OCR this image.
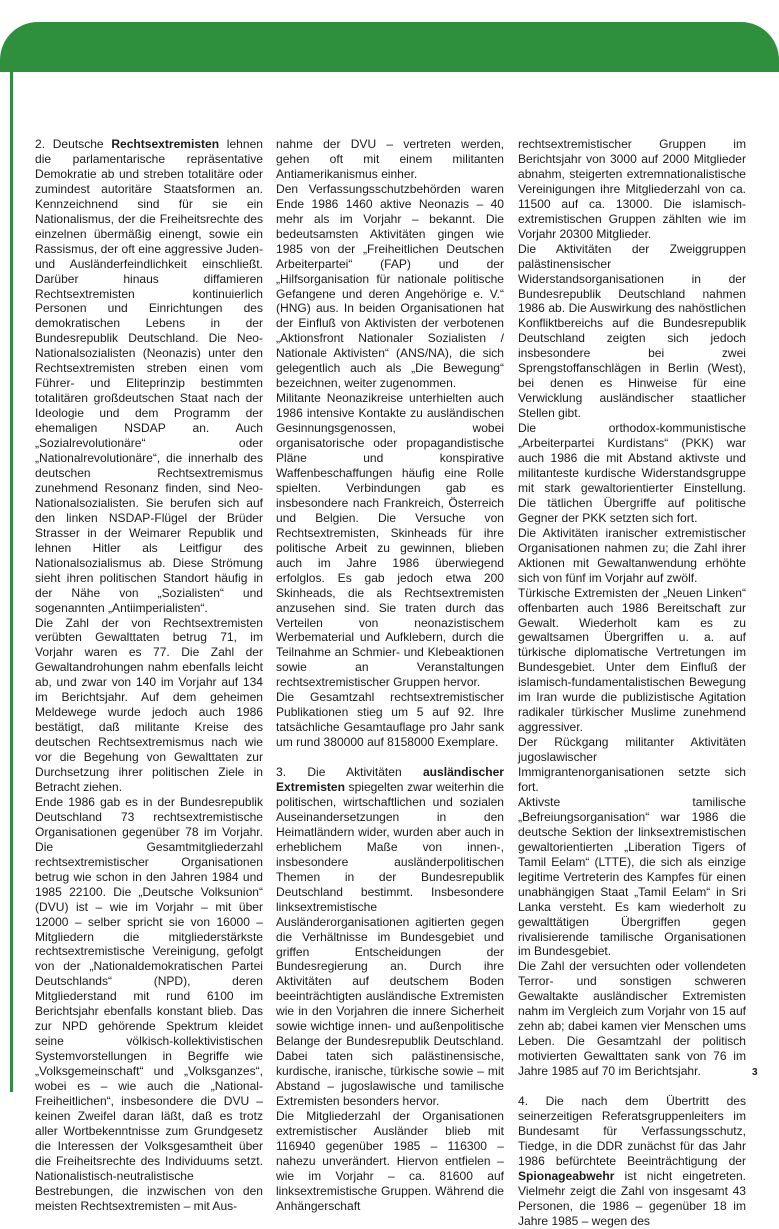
2. Deutsche Rechtsextremisten lehnen die parlamentarische repräsentative Demokratie ab und streben totalitäre oder zumindest autoritäre Staatsformen an. Kennzeichnend sind für sie ein Nationalismus, der die Freiheitsrechte des einzelnen übermäßig einengt, sowie ein Rassismus, der oft eine aggressive Juden- und Ausländerfeindlichkeit einschließt. Darüber hinaus diffamieren Rechtsextremisten kontinuierlich Personen und Einrichtungen des demokratischen Lebens in der Bundesrepublik Deutschland. Die Neo-Nationalsozialisten (Neonazis) unter den Rechtsextremisten streben einen vom Führer- und Eliteprinzip bestimmten totalitären großdeutschen Staat nach der Ideologie und dem Programm der ehemaligen NSDAP an. Auch „Sozialrevolutionäre“ oder „Nationalrevolutionäre“, die innerhalb des deutschen Rechtsextremismus zunehmend Resonanz finden, sind Neo-Nationalsozialisten. Sie berufen sich auf den linken NSDAP-Flügel der Brüder Strasser in der Weimarer Republik und lehnen Hitler als Leitfigur des Nationalsozialismus ab. Diese Strömung sieht ihren politischen Standort häufig in der Nähe von „Sozialisten“ und sogenannten „Antiimperialisten“.

Die Zahl der von Rechtsextremisten verübten Gewalttaten betrug 71, im Vorjahr waren es 77. Die Zahl der Gewaltandrohungen nahm ebenfalls leicht ab, und zwar von 140 im Vorjahr auf 134 im Berichtsjahr. Auf dem geheimen Meldewege wurde jedoch auch 1986 bestätigt, daß militante Kreise des deutschen Rechtsextremismus nach wie vor die Begehung von Gewalttaten zur Durchsetzung ihrer politischen Ziele in Betracht ziehen.

Ende 1986 gab es in der Bundesrepublik Deutschland 73 rechtsextremistische Organisationen gegenüber 78 im Vorjahr. Die Gesamtmitgliederzahl rechtsextremistischer Organisationen betrug wie schon in den Jahren 1984 und 1985 22100. Die „Deutsche Volksunion“ (DVU) ist – wie im Vorjahr – mit über 12000 – selber spricht sie von 16000 – Mitgliedern die mitgliederstärkste rechtsextremistische Vereinigung, gefolgt von der „Nationaldemokratischen Partei Deutschlands“ (NPD), deren Mitgliederstand mit rund 6100 im Berichtsjahr ebenfalls konstant blieb. Das zur NPD gehörende Spektrum kleidet seine völkisch-kollektivistischen Systemvorstellungen in Begriffe wie „Volksgemeinschaft“ und „Volksganzes“, wobei es – wie auch die „National-Freiheitlichen“, insbesondere die DVU – keinen Zweifel daran läßt, daß es trotz aller Wortbekenntnisse zum Grundgesetz die Interessen der Volksgesamtheit über die Freiheitsrechte des Individuums setzt. Nationalistisch-neutralistische Bestrebungen, die inzwischen von den meisten Rechtsextremisten – mit Aus-

nahme der DVU – vertreten werden, gehen oft mit einem militanten Antiamerikanismus einher.

Den Verfassungsschutzbehörden waren Ende 1986 1460 aktive Neonazis – 40 mehr als im Vorjahr – bekannt. Die bedeutsamsten Aktivitäten gingen wie 1985 von der „Freiheitlichen Deutschen Arbeiterpartei“ (FAP) und der „Hilfsorganisation für nationale politische Gefangene und deren Angehörige e. V.“ (HNG) aus. In beiden Organisationen hat der Einfluß von Aktivisten der verbotenen „Aktionsfront Nationaler Sozialisten / Nationale Aktivisten“ (ANS/NA), die sich gelegentlich auch als „Die Bewegung“ bezeichnen, weiter zugenommen.

Militante Neonazikreise unterhielten auch 1986 intensive Kontakte zu ausländischen Gesinnungsgenossen, wobei organisatorische oder propagandistische Pläne und konspirative Waffenbeschaffungen häufig eine Rolle spielten. Verbindungen gab es insbesondere nach Frankreich, Österreich und Belgien. Die Versuche von Rechtsextremisten, Skinheads für ihre politische Arbeit zu gewinnen, blieben auch im Jahre 1986 überwiegend erfolglos. Es gab jedoch etwa 200 Skinheads, die als Rechtsextremisten anzusehen sind. Sie traten durch das Verteilen von neonazistischem Werbematerial und Aufklebern, durch die Teilnahme an Schmier- und Klebeaktionen sowie an Veranstaltungen rechtsextremistischer Gruppen hervor.

Die Gesamtzahl rechtsextremistischer Publikationen stieg um 5 auf 92. Ihre tatsächliche Gesamtauflage pro Jahr sank um rund 380000 auf 8158000 Exemplare.

3. Die Aktivitäten ausländischer Extremisten spiegelten zwar weiterhin die politischen, wirtschaftlichen und sozialen Auseinandersetzungen in den Heimatländern wider, wurden aber auch in erheblichem Maße von innen-, insbesondere ausländerpolitischen Themen in der Bundesrepublik Deutschland bestimmt. Insbesondere linksextremistische Ausländerorganisationen agitierten gegen die Verhältnisse im Bundesgebiet und griffen Entscheidungen der Bundesregierung an. Durch ihre Aktivitäten auf deutschem Boden beeinträchtigten ausländische Extremisten wie in den Vorjahren die innere Sicherheit sowie wichtige innen- und außenpolitische Belange der Bundesrepublik Deutschland. Dabei taten sich palästinensische, kurdische, iranische, türkische sowie – mit Abstand – jugoslawische und tamilische Extremisten besonders hervor.

Die Mitgliederzahl der Organisationen extremistischer Ausländer blieb mit 116940 gegenüber 1985 – 116300 – nahezu unverändert. Hiervon entfielen – wie im Vorjahr – ca. 81600 auf linksextremistische Gruppen. Während die Anhängerschaft

rechtsextremistischer Gruppen im Berichtsjahr von 3000 auf 2000 Mitglieder abnahm, steigerten extremnationalistische Vereinigungen ihre Mitgliederzahl von ca. 11500 auf ca. 13000. Die islamisch-extremistischen Gruppen zählten wie im Vorjahr 20300 Mitglieder.

Die Aktivitäten der Zweiggruppen palästinensischer Widerstandsorganisationen in der Bundesrepublik Deutschland nahmen 1986 ab. Die Auswirkung des nahöstlichen Konfliktbereichs auf die Bundesrepublik Deutschland zeigten sich jedoch insbesondere bei zwei Sprengstoffanschlägen in Berlin (West), bei denen es Hinweise für eine Verwicklung ausländischer staatlicher Stellen gibt.

Die orthodox-kommunistische „Arbeiterpartei Kurdistans“ (PKK) war auch 1986 die mit Abstand aktivste und militanteste kurdische Widerstandsgruppe mit stark gewaltorientierter Einstellung. Die tätlichen Übergriffe auf politische Gegner der PKK setzten sich fort.

Die Aktivitäten iranischer extremistischer Organisationen nahmen zu; die Zahl ihrer Aktionen mit Gewaltanwendung erhöhte sich von fünf im Vorjahr auf zwölf.

Türkische Extremisten der „Neuen Linken“ offenbarten auch 1986 Bereitschaft zur Gewalt. Wiederholt kam es zu gewaltsamen Übergriffen u. a. auf türkische diplomatische Vertretungen im Bundesgebiet. Unter dem Einfluß der islamisch-fundamentalistischen Bewegung im Iran wurde die publizistische Agitation radikaler türkischer Muslime zunehmend aggressiver.

Der Rückgang militanter Aktivitäten jugoslawischer Immigrantenorganisationen setzte sich fort.

Aktivste tamilische „Befreiungsorganisation“ war 1986 die deutsche Sektion der linksextremistischen gewaltorientierten „Liberation Tigers of Tamil Eelam“ (LTTE), die sich als einzige legitime Vertreterin des Kampfes für einen unabhängigen Staat „Tamil Eelam“ in Sri Lanka versteht. Es kam wiederholt zu gewalttätigen Übergriffen gegen rivalisierende tamilische Organisationen im Bundesgebiet.

Die Zahl der versuchten oder vollendeten Terror- und sonstigen schweren Gewaltakte ausländischer Extremisten nahm im Vergleich zum Vorjahr von 15 auf zehn ab; dabei kamen vier Menschen ums Leben. Die Gesamtzahl der politisch motivierten Gewalttaten sank von 76 im Jahre 1985 auf 70 im Berichtsjahr.

4. Die nach dem Übertritt des seinerzeitigen Referatsgruppenleiters im Bundesamt für Verfassungsschutz, Tiedge, in die DDR zunächst für das Jahr 1986 befürchtete Beeinträchtigung der Spionageabwehr ist nicht eingetreten. Vielmehr zeigt die Zahl von insgesamt 43 Personen, die 1986 – gegenüber 18 im Jahre 1985 – wegen des

3
